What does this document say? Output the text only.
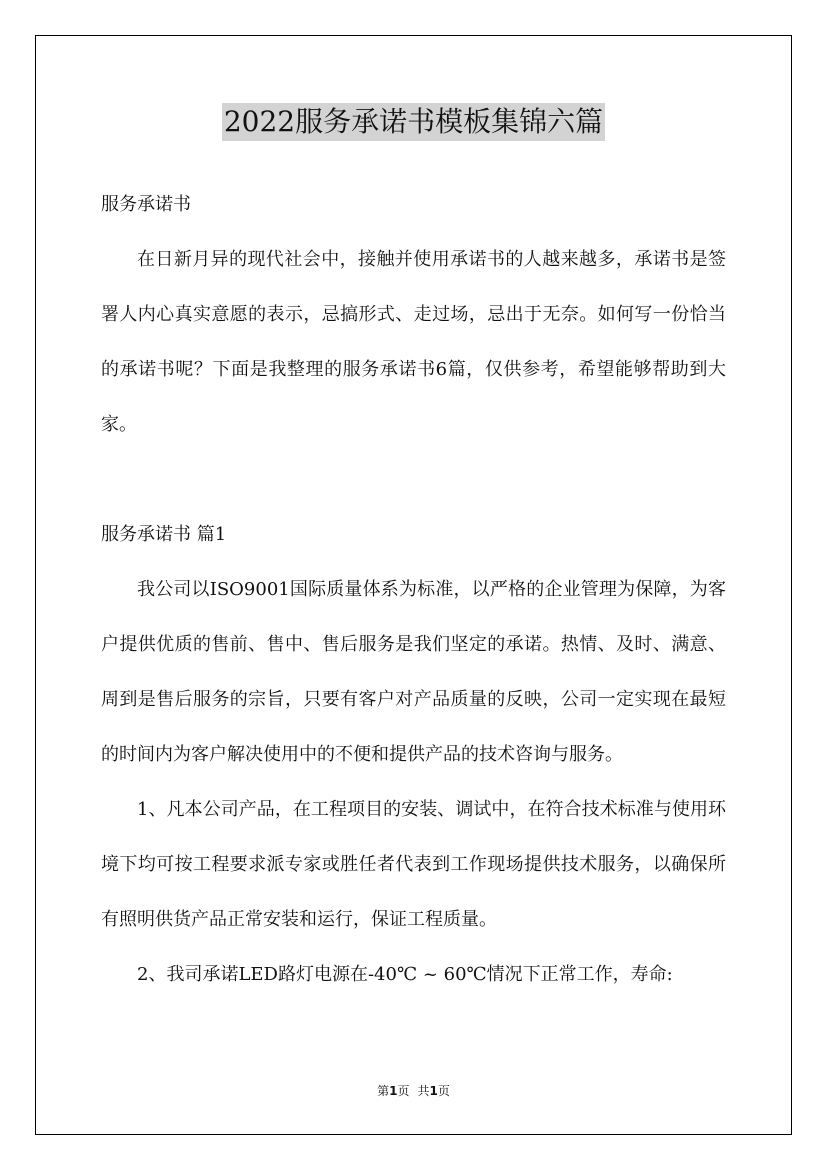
2022服务承诺书模板集锦六篇

服务承诺书

在日新月异的现代社会中，接触并使用承诺书的人越来越多，承诺书是签署人内心真实意愿的表示，忌搞形式、走过场，忌出于无奈。如何写一份恰当的承诺书呢？下面是我整理的服务承诺书6篇，仅供参考，希望能够帮助到大家。

服务承诺书 篇1

我公司以ISO9001国际质量体系为标准，以严格的企业管理为保障，为客户提供优质的售前、售中、售后服务是我们坚定的承诺。热情、及时、满意、周到是售后服务的宗旨，只要有客户对产品质量的反映，公司一定实现在最短的时间内为客户解决使用中的不便和提供产品的技术咨询与服务。

1、凡本公司产品，在工程项目的安装、调试中，在符合技术标准与使用环境下均可按工程要求派专家或胜任者代表到工作现场提供技术服务，以确保所有照明供货产品正常安装和运行，保证工程质量。

2、我司承诺LED路灯电源在-40℃ ~ 60℃情况下正常工作，寿命:

第1页 共1页
